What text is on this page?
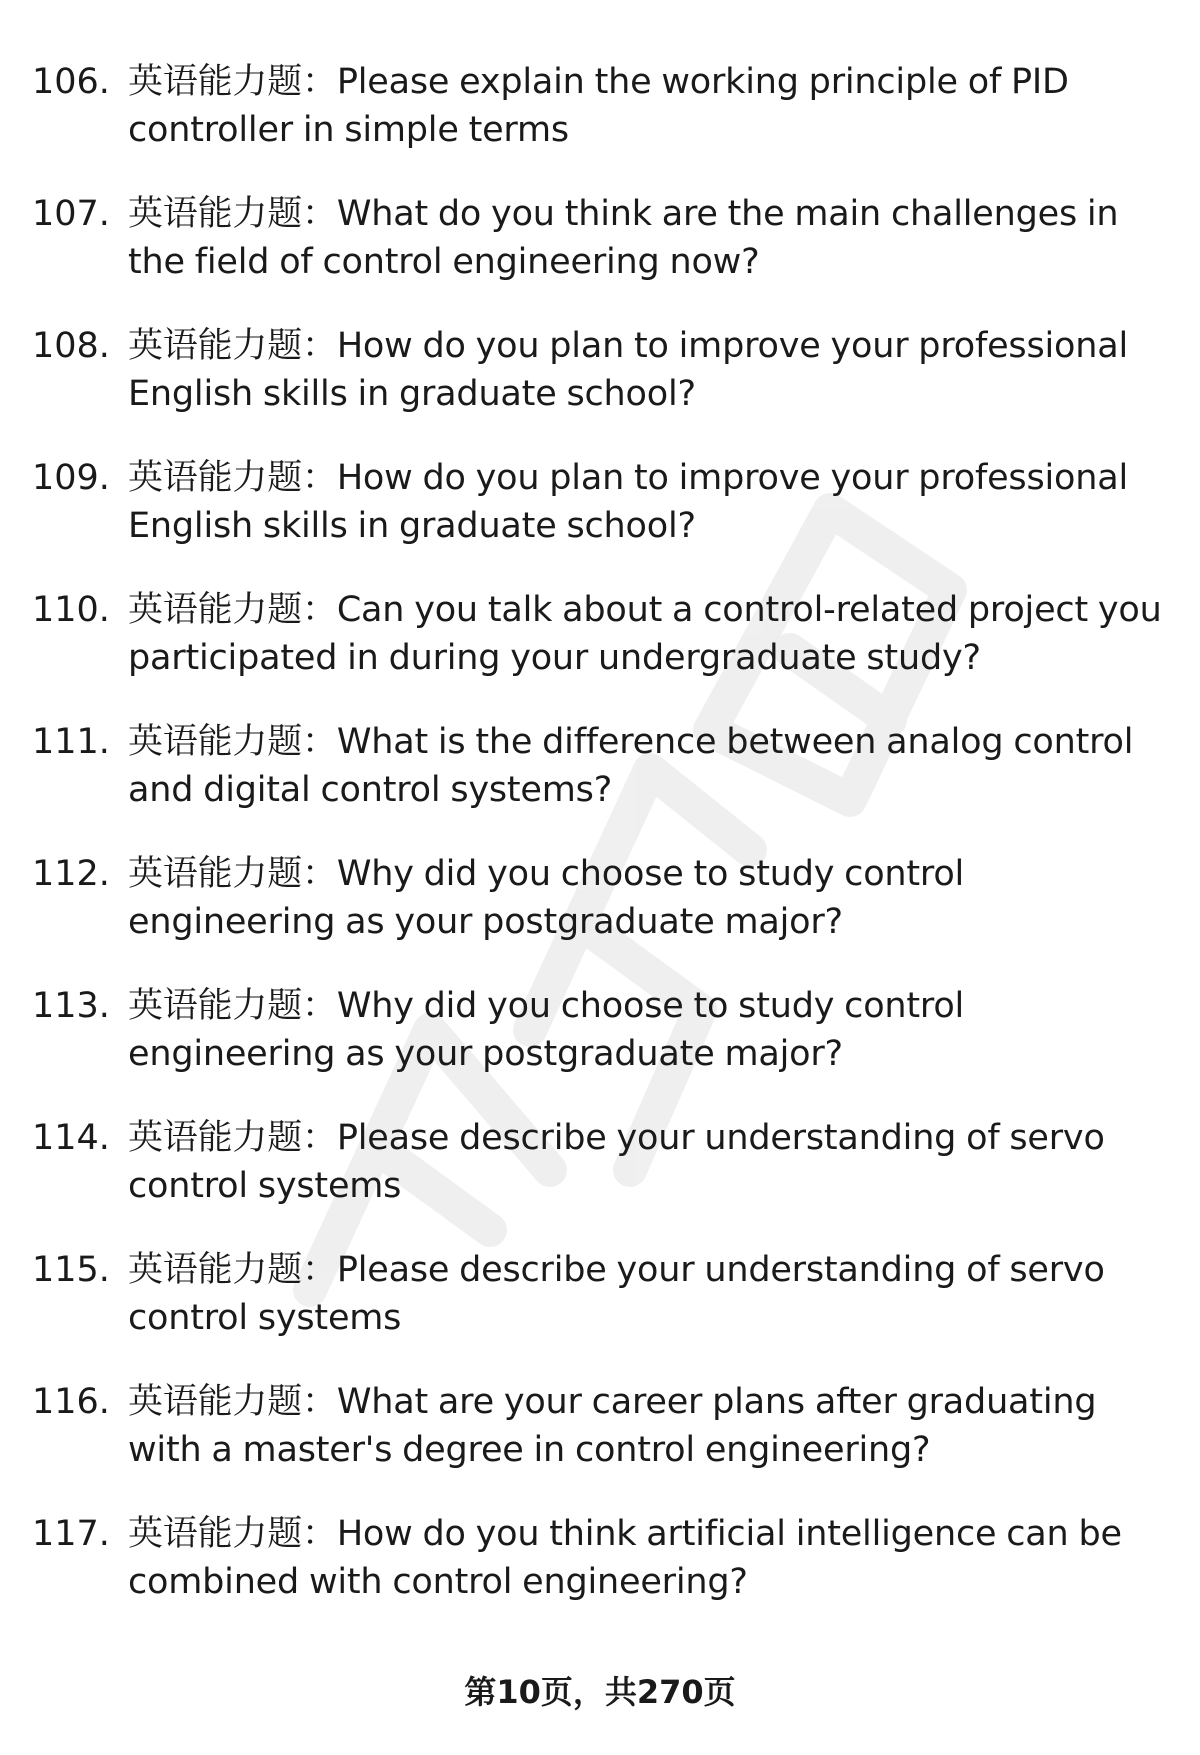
106. 英语能力题：Please explain the working principle of PID controller in simple terms
107. 英语能力题：What do you think are the main challenges in the field of control engineering now?
108. 英语能力题：How do you plan to improve your professional English skills in graduate school?
109. 英语能力题：How do you plan to improve your professional English skills in graduate school?
110. 英语能力题：Can you talk about a control-related project you participated in during your undergraduate study?
111. 英语能力题：What is the difference between analog control and digital control systems?
112. 英语能力题：Why did you choose to study control engineering as your postgraduate major?
113. 英语能力题：Why did you choose to study control engineering as your postgraduate major?
114. 英语能力题：Please describe your understanding of servo control systems
115. 英语能力题：Please describe your understanding of servo control systems
116. 英语能力题：What are your career plans after graduating with a master's degree in control engineering?
117. 英语能力题：How do you think artificial intelligence can be combined with control engineering?
第10页，共270页
